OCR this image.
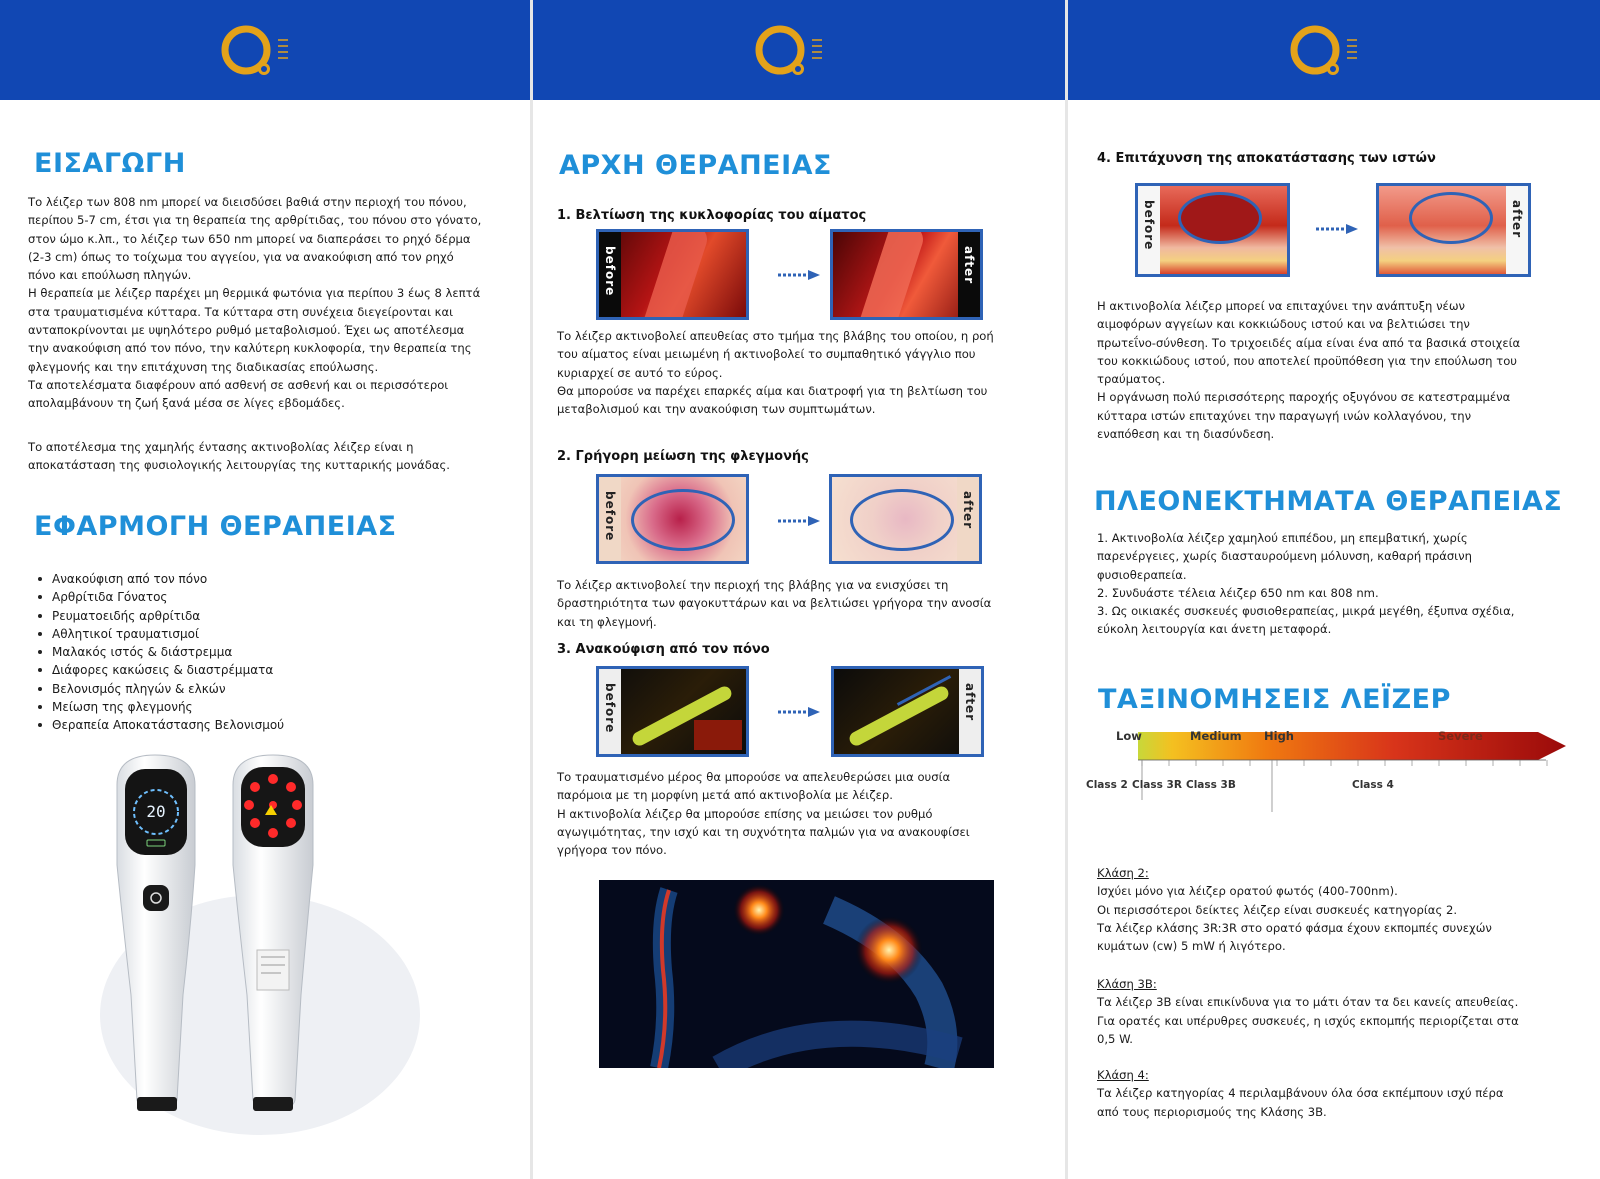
ΕΙΣΑΓΩΓΗ

Το λέιζερ των 808 nm μπορεί να διεισδύσει βαθιά στην περιοχή του πόνου,

περίπου 5-7 cm, έτσι για τη θεραπεία της αρθρίτιδας, του πόνου στο γόνατο,

στον ώμο κ.λπ., το λέιζερ των 650 nm μπορεί να διαπεράσει το ρηχό δέρμα

(2-3 cm) όπως το τοίχωμα του αγγείου, για να ανακούφιση από τον ρηχό

πόνο και επούλωση πληγών.

Η θεραπεία με λέιζερ παρέχει μη θερμικά φωτόνια για περίπου 3 έως 8 λεπτά

στα τραυματισμένα κύτταρα. Τα κύτταρα στη συνέχεια διεγείρονται και

ανταποκρίνονται με υψηλότερο ρυθμό μεταβολισμού. Έχει ως αποτέλεσμα

την ανακούφιση από τον πόνο, την καλύτερη κυκλοφορία, την θεραπεία της

φλεγμονής και την επιτάχυνση της διαδικασίας επούλωσης.

Τα αποτελέσματα διαφέρουν από ασθενή σε ασθενή και οι περισσότεροι

απολαμβάνουν τη ζωή ξανά μέσα σε λίγες εβδομάδες.

Το αποτέλεσμα της χαμηλής έντασης ακτινοβολίας λέιζερ είναι η

αποκατάσταση της φυσιολογικής λειτουργίας της κυτταρικής μονάδας.

ΕΦΑΡΜΟΓΗ ΘΕΡΑΠΕΙΑΣ
Ανακούφιση από τον πόνο
Αρθρίτιδα Γόνατος
Ρευματοειδής αρθρίτιδα
Αθλητικοί τραυματισμοί
Μαλακός ιστός & διάστρεμμα
Διάφορες κακώσεις & διαστρέμματα
Βελονισμός πληγών & ελκών
Μείωση της φλεγμονής
Θεραπεία Αποκατάστασης Βελονισμού
20
ΑΡΧΗ ΘΕΡΑΠΕΙΑΣ
1. Βελτίωση της κυκλοφορίας του αίματος
before	after

Το λέιζερ ακτινοβολεί απευθείας στο τμήμα της βλάβης του οποίου, η ροή

του αίματος είναι μειωμένη ή ακτινοβολεί το συμπαθητικό γάγγλιο που

κυριαρχεί σε αυτό το εύρος.

Θα μπορούσε να παρέχει επαρκές αίμα και διατροφή για τη βελτίωση του

μεταβολισμού και την ανακούφιση των συμπτωμάτων.

2. Γρήγορη μείωση της φλεγμονής
before	after

Το λέιζερ ακτινοβολεί την περιοχή της βλάβης για να ενισχύσει τη

δραστηριότητα των φαγοκυττάρων και να βελτιώσει γρήγορα την ανοσία

και τη φλεγμονή.

3. Ανακούφιση από τον πόνο
before	after

Το τραυματισμένο μέρος θα μπορούσε να απελευθερώσει μια ουσία

παρόμοια με τη μορφίνη μετά από ακτινοβολία με λέιζερ.

Η ακτινοβολία λέιζερ θα μπορούσε επίσης να μειώσει τον ρυθμό

αγωγιμότητας, την ισχύ και τη συχνότητα παλμών για να ανακουφίσει

γρήγορα τον πόνο.

4. Επιτάχυνση της αποκατάστασης των ιστών
before	after

Η ακτινοβολία λέιζερ μπορεί να επιταχύνει την ανάπτυξη νέων

αιμοφόρων αγγείων και κοκκιώδους ιστού και να βελτιώσει την

πρωτεΐνο-σύνθεση. Το τριχοειδές αίμα είναι ένα από τα βασικά στοιχεία

του κοκκιώδους ιστού, που αποτελεί προϋπόθεση για την επούλωση του

τραύματος.

Η οργάνωση πολύ περισσότερης παροχής οξυγόνου σε κατεστραμμένα

κύτταρα ιστών επιταχύνει την παραγωγή ινών κολλαγόνου, την

εναπόθεση και τη διασύνδεση.

ΠΛΕΟΝΕΚΤΗΜΑΤΑ ΘΕΡΑΠΕΙΑΣ

1. Ακτινοβολία λέιζερ χαμηλού επιπέδου, μη επεμβατική, χωρίς

παρενέργειες, χωρίς διασταυρούμενη μόλυνση, καθαρή πράσινη

φυσιοθεραπεία.

2. Συνδυάστε τέλεια λέιζερ 650 nm και 808 nm.

3. Ως οικιακές συσκευές φυσιοθεραπείας, μικρά μεγέθη, έξυπνα σχέδια,

εύκολη λειτουργία και άνετη μεταφορά.

ΤΑΞΙΝΟΜΗΣΕΙΣ ΛΕΪΖΕΡ
Low	Medium High	Severe
Class 2 Class 3R Class 3B	Class 4

Κλάση 2:

Ισχύει μόνο για λέιζερ ορατού φωτός (400-700nm).

Οι περισσότεροι δείκτες λέιζερ είναι συσκευές κατηγορίας 2.

Τα λέιζερ κλάσης 3R:3R στο ορατό φάσμα έχουν εκπομπές συνεχών

κυμάτων (cw) 5 mW ή λιγότερο.

Κλάση 3B:

Τα λέιζερ 3B είναι επικίνδυνα για το μάτι όταν τα δει κανείς απευθείας.

Για ορατές και υπέρυθρες συσκευές, η ισχύς εκπομπής περιορίζεται στα

0,5 W.

Κλάση 4:

Τα λέιζερ κατηγορίας 4 περιλαμβάνουν όλα όσα εκπέμπουν ισχύ πέρα

από τους περιορισμούς της Κλάσης 3B.
